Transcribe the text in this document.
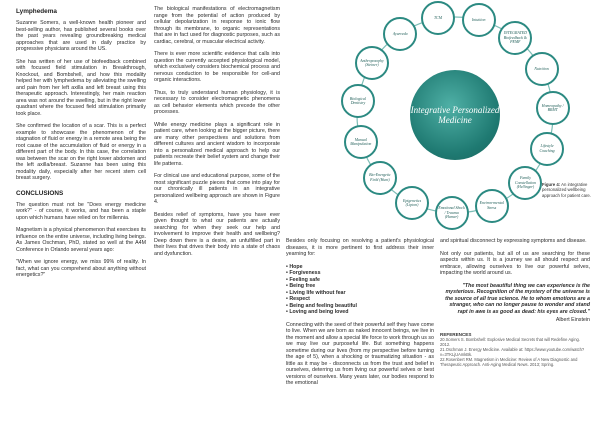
Lymphedema

Suzanne Somers, a well-known health pioneer and best-selling author, has published several books over the past years revealing groundbreaking medical approaches that are used in daily practice by progressive physicians around the US.

She has written of her use of biofeedback combined with focused field stimulation in Breakthrough, Knockout, and Bombshell, and how this modality helped her with lymphedema by alleviating the swelling and pain from her left axilla and left breast using this therapeutic approach. Interestingly, her main reaction area was not around the swelling, but in the right lower quadrant where the focused field stimulation primarily took place.

She confirmed the location of a scar. This is a perfect example to showcase the phenomenon of the stagnation of fluid or energy in a remote area being the root cause of the accumulation of fluid or energy in a different part of the body. In this case, the correlation was between the scar on the right lower abdomen and the left axilla/breast. Suzanne has been using this modality daily, especially after her recent stem cell breast surgery.

CONCLUSIONS

The question must not be "Does energy medicine work?" - of course, it works, and has been a staple upon which humans have relied on for millennia.

Magnetism is a physical phenomenon that exercises its influence on the entire universe, including living beings. As James Oschman, PhD, stated so well at the A4M Conference in Orlando several years ago:

"When we ignore energy, we miss 99% of reality. In fact, what can you comprehend about anything without energetics?"

The biological manifestations of electromagnetism range from the potential of action produced by cellular depolarization in response to ionic flow through its membrane, to organic representations that are in fact used for diagnostic purposes, such as cardiac, cerebral, or muscular electrical activity.

There is ever more scientific evidence that calls into question the currently accepted physiological model, which exclusively considers biochemical process and nervous conduction to be responsible for cell-and organic interactions.

Thus, to truly understand human physiology, it is necessary to consider electromagnetic phenomena as cell behavior elements which precede the other processes.

While energy medicine plays a significant role in patient care, when looking at the bigger picture, there are many other perspectives and solutions from different cultures and ancient wisdom to incorporate into a personalized medical approach to help our patients recreate their belief system and change their life patterns.

For clinical use and educational purpose, some of the most significant puzzle pieces that come into play for our chronically ill patients in an integrative personalized wellbeing approach are shown in Figure 4.

Besides relief of symptoms, have you have ever given thought to what our patients are actually searching for when they seek our help and involvement to improve their health and wellbeing? Deep down there is a desire, an unfulfilled part in their lives that drives their body into a state of chaos and dysfunction.

Integrative Personalized Medicine
TCM	Intuition
INTEGRATED Biofeedback & PEMF
Nutrition
Homeopathy / BRMT
Lifestyle Coaching
Family Constellation (Hellinger)
Environ-mental Stress
Emotional Shock / Trauma (Hamer)
Epigenetics (Lipton)
Bio-Energetic Field (Hunt)
Manual Manipulation
Biological Dentistry
Anthroposophy (Steiner)
Ayurveda
Figure 4: An integrative personalized wellbeing approach for patient care.

Besides only focusing on resolving a patient's physiological diseases, it is more pertinent to first address their inner yearning for:

• Hope
• Forgiveness
• Feeling safe
• Being free
• Living life without fear
• Respect
• Being and feeling beautiful
• Loving and being loved

Connecting with the seed of their powerful self they have come to live. When we are born as naked innocent beings, we live in the moment and allow a special life force to work through us so we may live our purposeful life. But something happens sometime during our lives (from my perspective before turning the age of 5), when a shocking or traumatizing situation - as little as it may be - disconnects us from the trust and belief in ourselves, deterring us from living our powerful selves or best versions of ourselves. Many years later, our bodies respond to the emotional

and spiritual disconnect by expressing symptoms and disease.

Not only our patients, but all of us are searching for these aspects within us. It is a journey we all should respect and embrace, allowing ourselves to live our powerful selves, impacting the world around us.

"The most beautiful thing we can experience is the mysterious. Recognition of the mystery of the universe is the source of all true science. He to whom emotions are a stranger, who can no longer pause to wonder and stand rapt in awe is as good as dead: his eyes are closed."
Albert Einstein
REFERENCES
20.Somers S. Bombshell: Explosive Medical Secrets that will Redefine Aging. 2012.
21.Oschman J. Energy Medicine. Available at: https://www.youtube.com/watch?v=3TKLjUAmkBk.
22.Rosenbert RM. Magnetism in Medicine: Review of A New Diagnostic and Therapeutic Approach. Anti-Aging Medical News. 2013; Spring.
